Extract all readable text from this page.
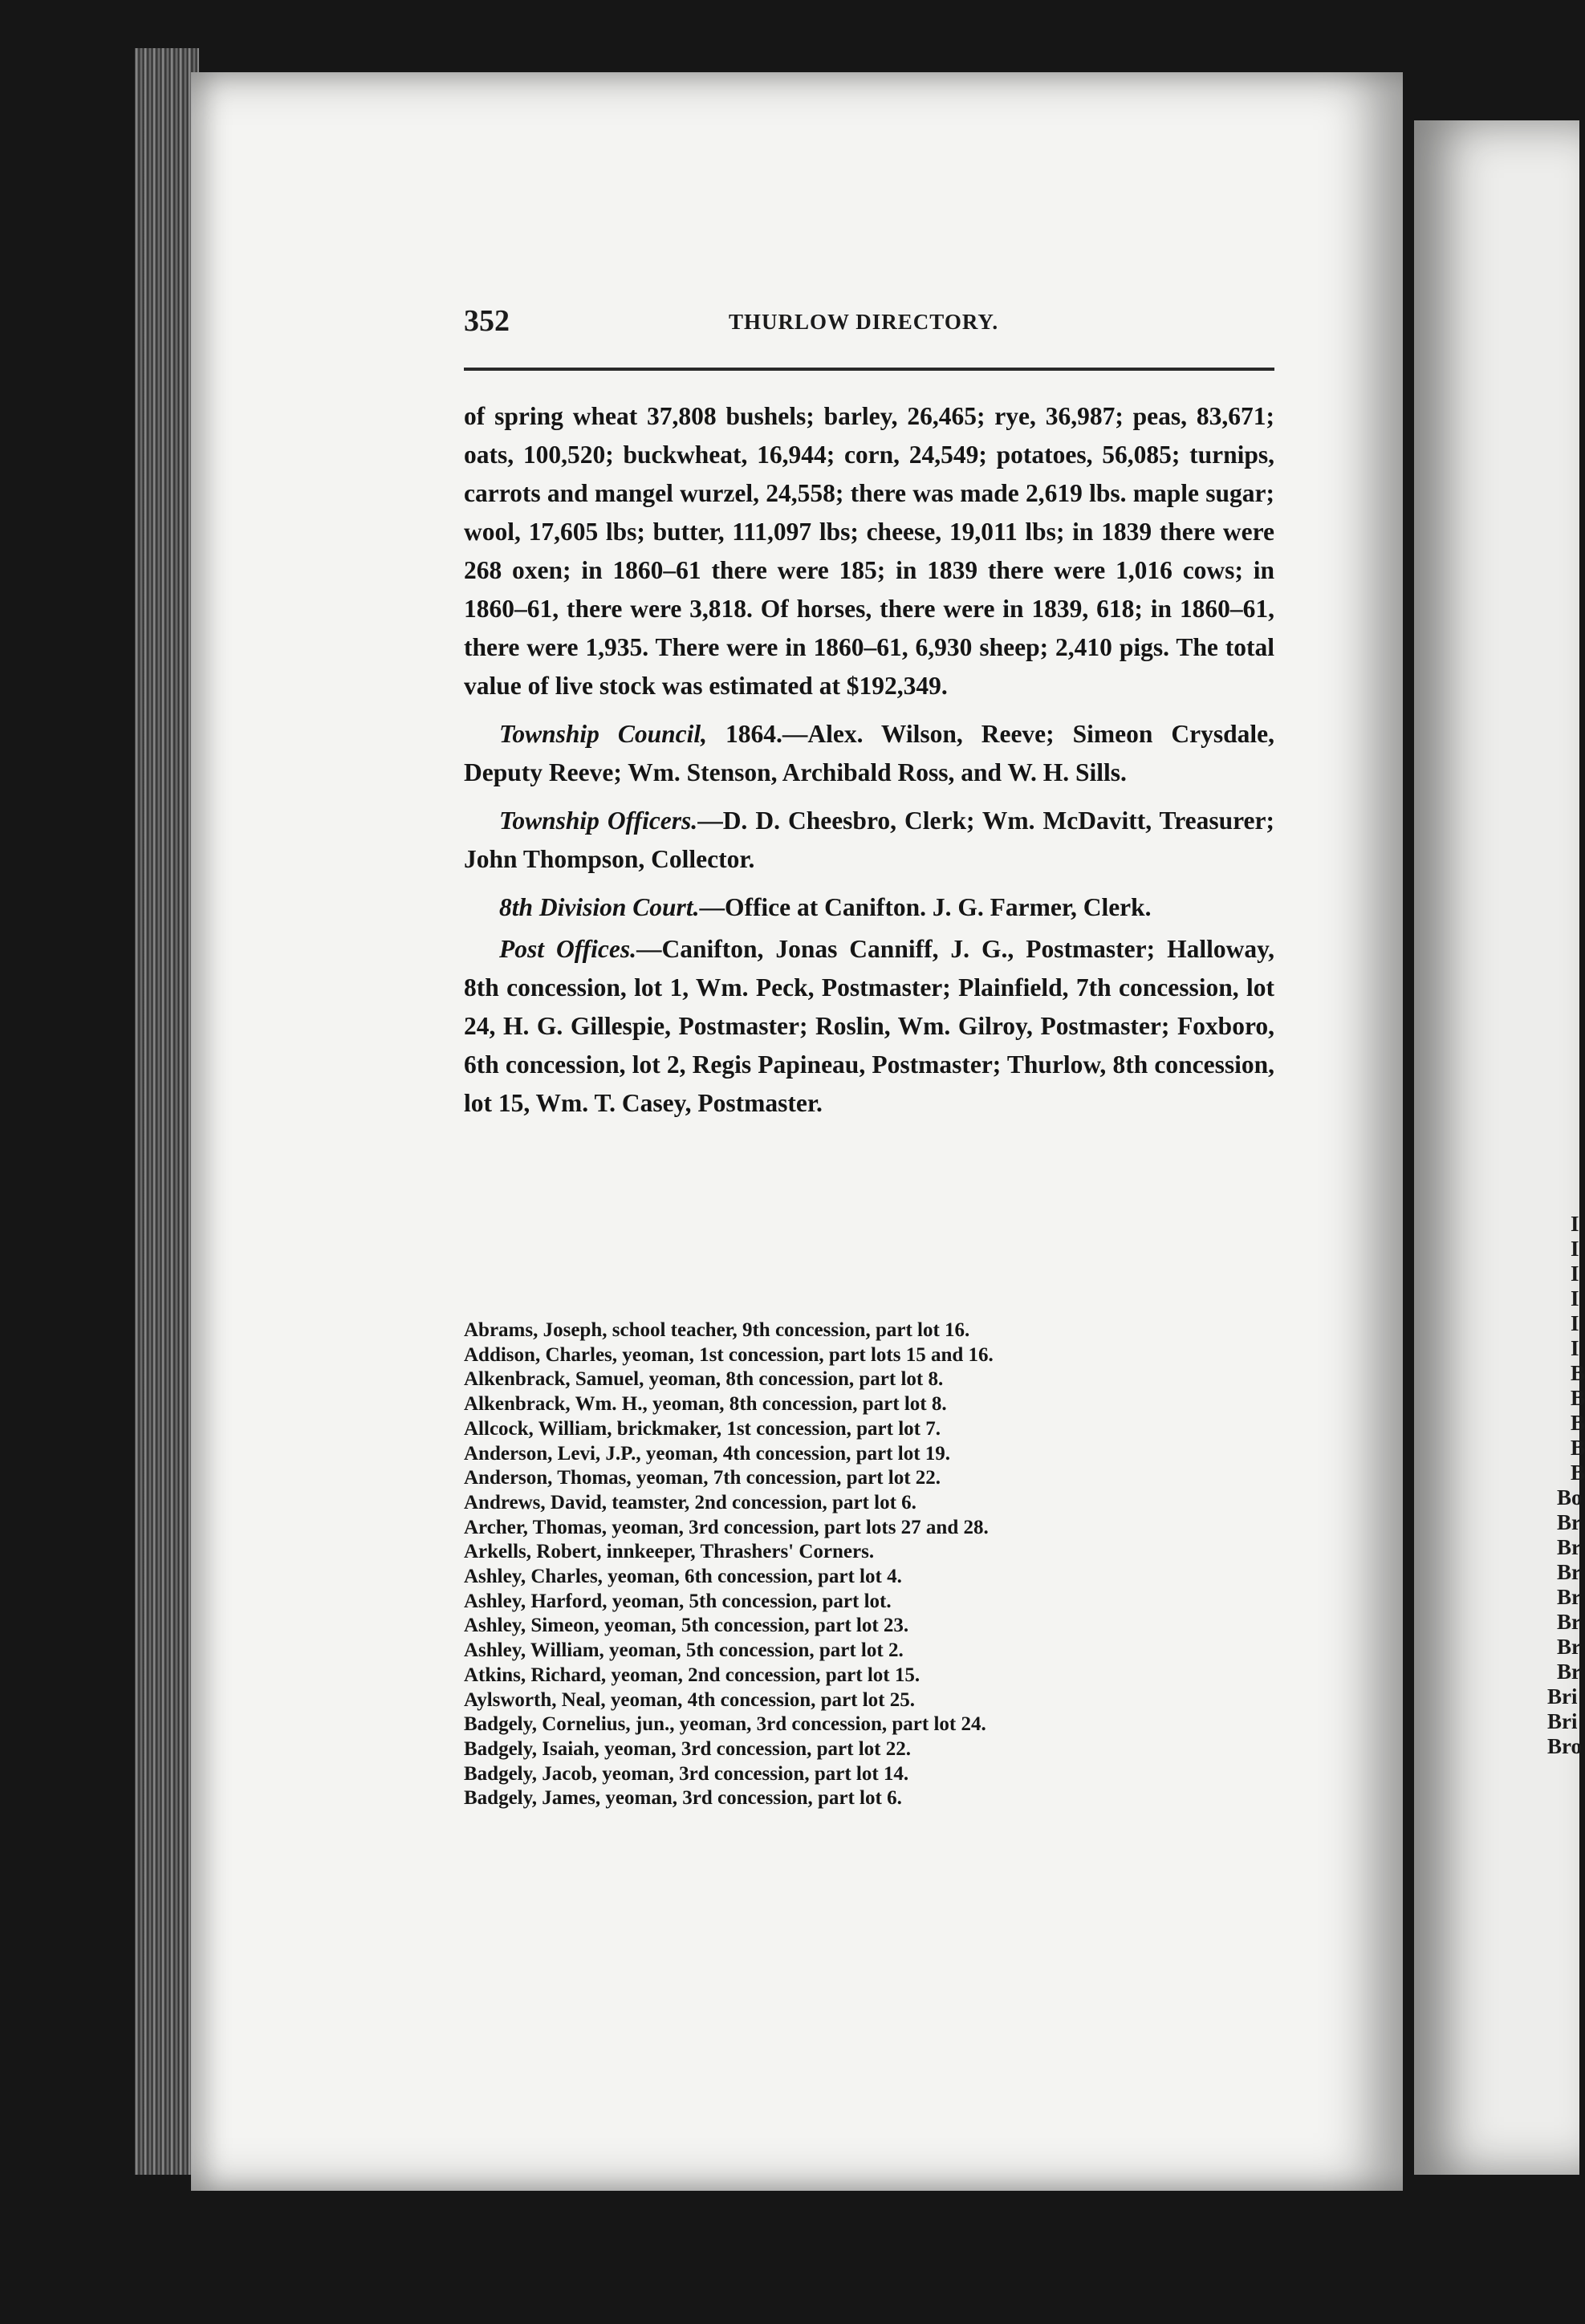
I
I
I
I
I
I
B
B
B
B
B
Bo
Br
Br
Br
Br
Br
Br
Br
Bri
Bri
Bro
352	THURLOW DIRECTORY.

of spring wheat 37,808 bushels; barley, 26,465; rye, 36,987; peas, 83,671; oats, 100,520; buckwheat, 16,944; corn, 24,549; potatoes, 56,085; turnips, carrots and mangel wurzel, 24,558; there was made 2,619 lbs. maple sugar; wool, 17,605 lbs; butter, 111,097 lbs; cheese, 19,011 lbs; in 1839 there were 268 oxen; in 1860–61 there were 185; in 1839 there were 1,016 cows; in 1860–61, there were 3,818. Of horses, there were in 1839, 618; in 1860–61, there were 1,935. There were in 1860–61, 6,930 sheep; 2,410 pigs. The total value of live stock was estimated at $192,349.

Township Council, 1864.—Alex. Wilson, Reeve; Simeon Crysdale, Deputy Reeve; Wm. Stenson, Archibald Ross, and W. H. Sills.

Township Officers.—D. D. Cheesbro, Clerk; Wm. McDavitt, Treasurer; John Thompson, Collector.

8th Division Court.—Office at Canifton. J. G. Farmer, Clerk.

Post Offices.—Canifton, Jonas Canniff, J. G., Postmaster; Halloway, 8th concession, lot 1, Wm. Peck, Postmaster; Plainfield, 7th concession, lot 24, H. G. Gillespie, Postmaster; Roslin, Wm. Gilroy, Postmaster; Foxboro, 6th concession, lot 2, Regis Papineau, Postmaster; Thurlow, 8th concession, lot 15, Wm. T. Casey, Postmaster.

Abrams, Joseph, school teacher, 9th concession, part lot 16.
Addison, Charles, yeoman, 1st concession, part lots 15 and 16.
Alkenbrack, Samuel, yeoman, 8th concession, part lot 8.
Alkenbrack, Wm. H., yeoman, 8th concession, part lot 8.
Allcock, William, brickmaker, 1st concession, part lot 7.
Anderson, Levi, J.P., yeoman, 4th concession, part lot 19.
Anderson, Thomas, yeoman, 7th concession, part lot 22.
Andrews, David, teamster, 2nd concession, part lot 6.
Archer, Thomas, yeoman, 3rd concession, part lots 27 and 28.
Arkells, Robert, innkeeper, Thrashers' Corners.
Ashley, Charles, yeoman, 6th concession, part lot 4.
Ashley, Harford, yeoman, 5th concession, part lot.
Ashley, Simeon, yeoman, 5th concession, part lot 23.
Ashley, William, yeoman, 5th concession, part lot 2.
Atkins, Richard, yeoman, 2nd concession, part lot 15.
Aylsworth, Neal, yeoman, 4th concession, part lot 25.
Badgely, Cornelius, jun., yeoman, 3rd concession, part lot 24.
Badgely, Isaiah, yeoman, 3rd concession, part lot 22.
Badgely, Jacob, yeoman, 3rd concession, part lot 14.
Badgely, James, yeoman, 3rd concession, part lot 6.
